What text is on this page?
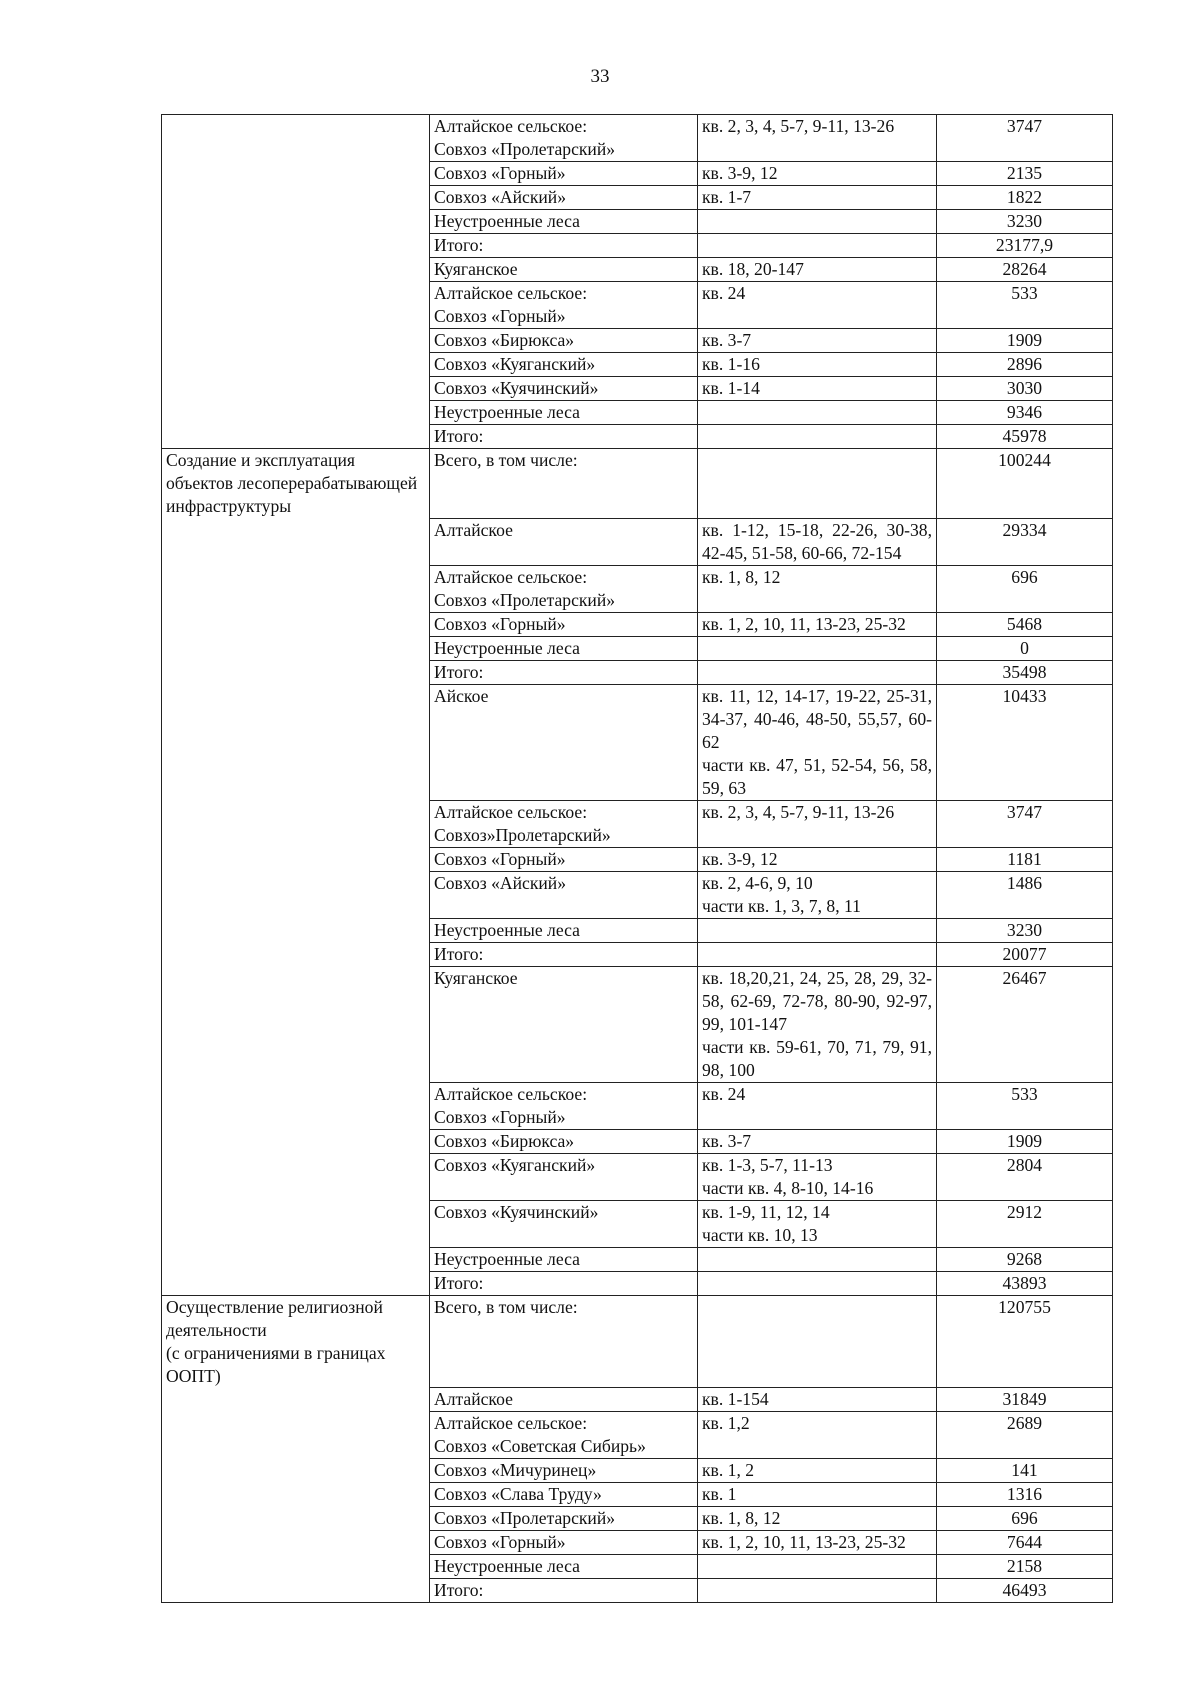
33

	Алтайское сельское:
Совхоз «Пролетарский»	кв. 2, 3, 4, 5-7, 9-11, 13-26	3747

	Совхоз «Горный»	кв. 3-9, 12	2135

	Совхоз «Айский»	кв. 1-7	1822

	Неустроенные леса		3230

	Итого:		23177,9

	Куяганское	кв. 18, 20-147	28264

	Алтайское сельское:
Совхоз «Горный»	кв. 24	533

	Совхоз «Бирюкса»	кв. 3-7	1909

	Совхоз «Куяганский»	кв. 1-16	2896

	Совхоз «Куячинский»	кв. 1-14	3030

	Неустроенные леса		9346

	Итого:		45978

Создание и эксплуатация объектов лесоперерабатывающей инфраструктуры	Всего, в том числе:		100244

	Алтайское	кв. 1-12, 15-18, 22-26, 30-38, 42-45, 51-58, 60-66, 72-154	29334

	Алтайское сельское:
Совхоз «Пролетарский»	кв. 1, 8, 12	696

	Совхоз «Горный»	кв. 1, 2, 10, 11, 13-23, 25-32	5468

	Неустроенные леса		0

	Итого:		35498

	Айское	кв. 11, 12, 14-17, 19-22, 25-31, 34-37, 40-46, 48-50, 55,57, 60-62
части кв. 47, 51, 52-54, 56, 58, 59, 63	10433

	Алтайское сельское:
Совхоз»Пролетарский»	кв. 2, 3, 4, 5-7, 9-11, 13-26	3747

	Совхоз «Горный»	кв. 3-9, 12	1181

	Совхоз «Айский»	кв. 2, 4-6, 9, 10
части кв. 1, 3, 7, 8, 11	1486

	Неустроенные леса		3230

	Итого:		20077

	Куяганское	кв. 18,20,21, 24, 25, 28, 29, 32-58, 62-69, 72-78, 80-90, 92-97, 99, 101-147
части кв. 59-61, 70, 71, 79, 91, 98, 100	26467

	Алтайское сельское:
Совхоз «Горный»	кв. 24	533

	Совхоз «Бирюкса»	кв. 3-7	1909

	Совхоз «Куяганский»	кв. 1-3, 5-7, 11-13
части кв. 4, 8-10, 14-16	2804

	Совхоз «Куячинский»	кв. 1-9, 11, 12, 14
части кв. 10, 13	2912

	Неустроенные леса		9268

	Итого:		43893

Осуществление религиозной деятельности
(с ограничениями в границах ООПТ)	Всего, в том числе:		120755

	Алтайское	кв. 1-154	31849

	Алтайское сельское:
Совхоз «Советская Сибирь»	кв. 1,2	2689

	Совхоз «Мичуринец»	кв. 1, 2	141

	Совхоз «Слава Труду»	кв. 1	1316

	Совхоз «Пролетарский»	кв. 1, 8, 12	696

	Совхоз «Горный»	кв. 1, 2, 10, 11, 13-23, 25-32	7644

	Неустроенные леса		2158

	Итого:		46493
